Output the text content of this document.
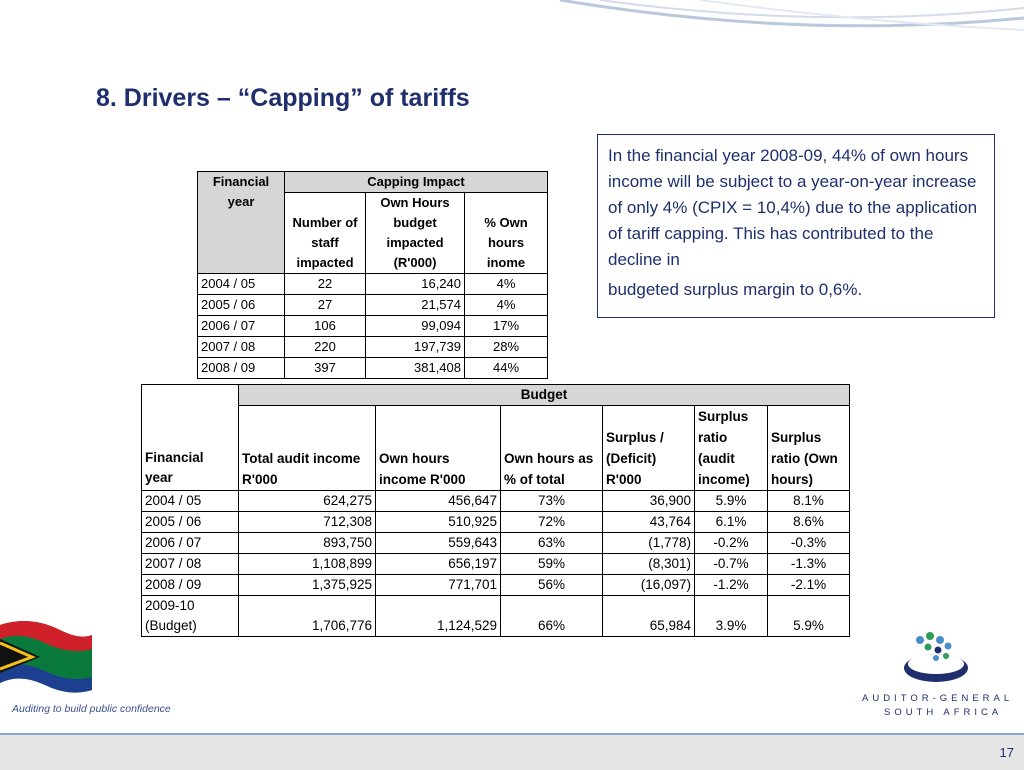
8. Drivers – “Capping” of tariffs

In the financial year 2008-09, 44% of own hours income will be subject to a year-on-year increase of only 4% (CPIX = 10,4%) due to the application of tariff capping. This has contributed to the decline in

budgeted surplus margin to 0,6%.

Financial year	Capping Impact		
	Number of staff impacted	Own Hours budget impacted (R'000)	% Own hours inome
2004 / 05	22	16,240	4%
2005 / 06	27	21,574	4%
2006 / 07	106	99,094	17%
2007 / 08	220	197,739	28%
2008 / 09	397	381,408	44%
Financial year	Budget					
	Total audit income R'000	Own hours income R'000	Own hours as % of total	Surplus / (Deficit) R'000	Surplus ratio (audit income)	Surplus ratio (Own hours)
2004 / 05	624,275	456,647	73%	36,900	5.9%	8.1%
2005 / 06	712,308	510,925	72%	43,764	6.1%	8.6%
2006 / 07	893,750	559,643	63%	(1,778)	-0.2%	-0.3%
2007 / 08	1,108,899	656,197	59%	(8,301)	-0.7%	-1.3%
2008 / 09	1,375,925	771,701	56%	(16,097)	-1.2%	-2.1%

2009-10 (Budget)	1,706,776	1,124,529	66%	65,984	3.9%	5.9%
Auditing to build public confidence
AUDITOR-GENERAL
SOUTH AFRICA
17
